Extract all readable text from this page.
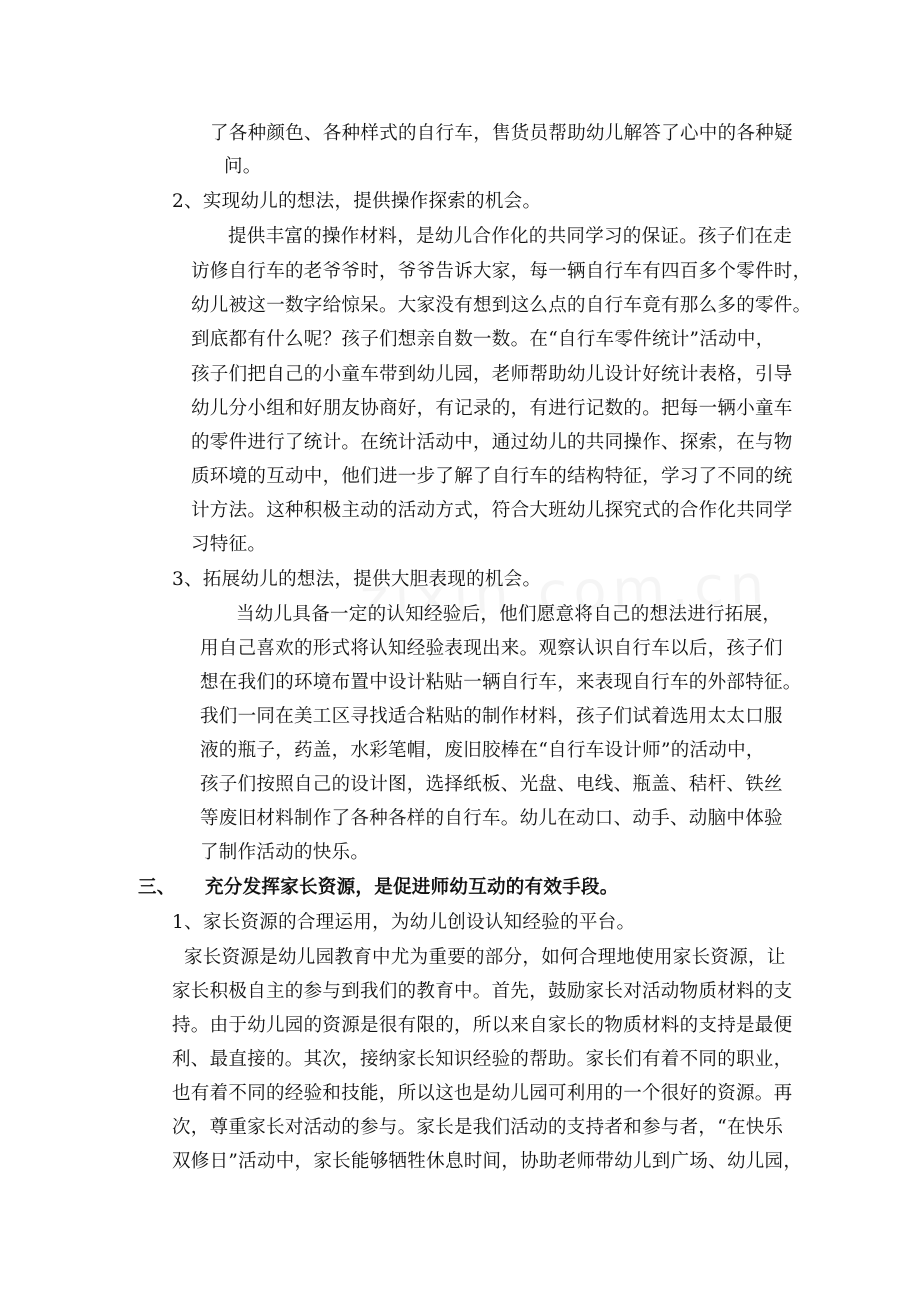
了各种颜色、各种样式的自行车，售货员帮助幼儿解答了心中的各种疑
问。
2、实现幼儿的想法，提供操作探索的机会。
提供丰富的操作材料，是幼儿合作化的共同学习的保证。孩子们在走
访修自行车的老爷爷时，爷爷告诉大家，每一辆自行车有四百多个零件时，
幼儿被这一数字给惊呆。大家没有想到这么点的自行车竟有那么多的零件。
到底都有什么呢？孩子们想亲自数一数。在“自行车零件统计”活动中，
孩子们把自己的小童车带到幼儿园，老师帮助幼儿设计好统计表格，引导
幼儿分小组和好朋友协商好，有记录的，有进行记数的。把每一辆小童车
的零件进行了统计。在统计活动中，通过幼儿的共同操作、探索，在与物
质环境的互动中，他们进一步了解了自行车的结构特征，学习了不同的统
计方法。这种积极主动的活动方式，符合大班幼儿探究式的合作化共同学
习特征。
3、拓展幼儿的想法，提供大胆表现的机会。
当幼儿具备一定的认知经验后，他们愿意将自己的想法进行拓展，
用自己喜欢的形式将认知经验表现出来。观察认识自行车以后，孩子们
想在我们的环境布置中设计粘贴一辆自行车，来表现自行车的外部特征。
我们一同在美工区寻找适合粘贴的制作材料，孩子们试着选用太太口服
液的瓶子，药盖，水彩笔帽，废旧胶棒在“自行车设计师”的活动中，
孩子们按照自己的设计图，选择纸板、光盘、电线、瓶盖、秸杆、铁丝
等废旧材料制作了各种各样的自行车。幼儿在动口、动手、动脑中体验
了制作活动的快乐。
三、 充分发挥家长资源，是促进师幼互动的有效手段。
1、家长资源的合理运用，为幼儿创设认知经验的平台。
家长资源是幼儿园教育中尤为重要的部分，如何合理地使用家长资源，让
家长积极自主的参与到我们的教育中。首先，鼓励家长对活动物质材料的支
持。由于幼儿园的资源是很有限的，所以来自家长的物质材料的支持是最便
利、最直接的。其次，接纳家长知识经验的帮助。家长们有着不同的职业，
也有着不同的经验和技能，所以这也是幼儿园可利用的一个很好的资源。再
次，尊重家长对活动的参与。家长是我们活动的支持者和参与者，“在快乐
双修日”活动中，家长能够牺牲休息时间，协助老师带幼儿到广场、幼儿园，
